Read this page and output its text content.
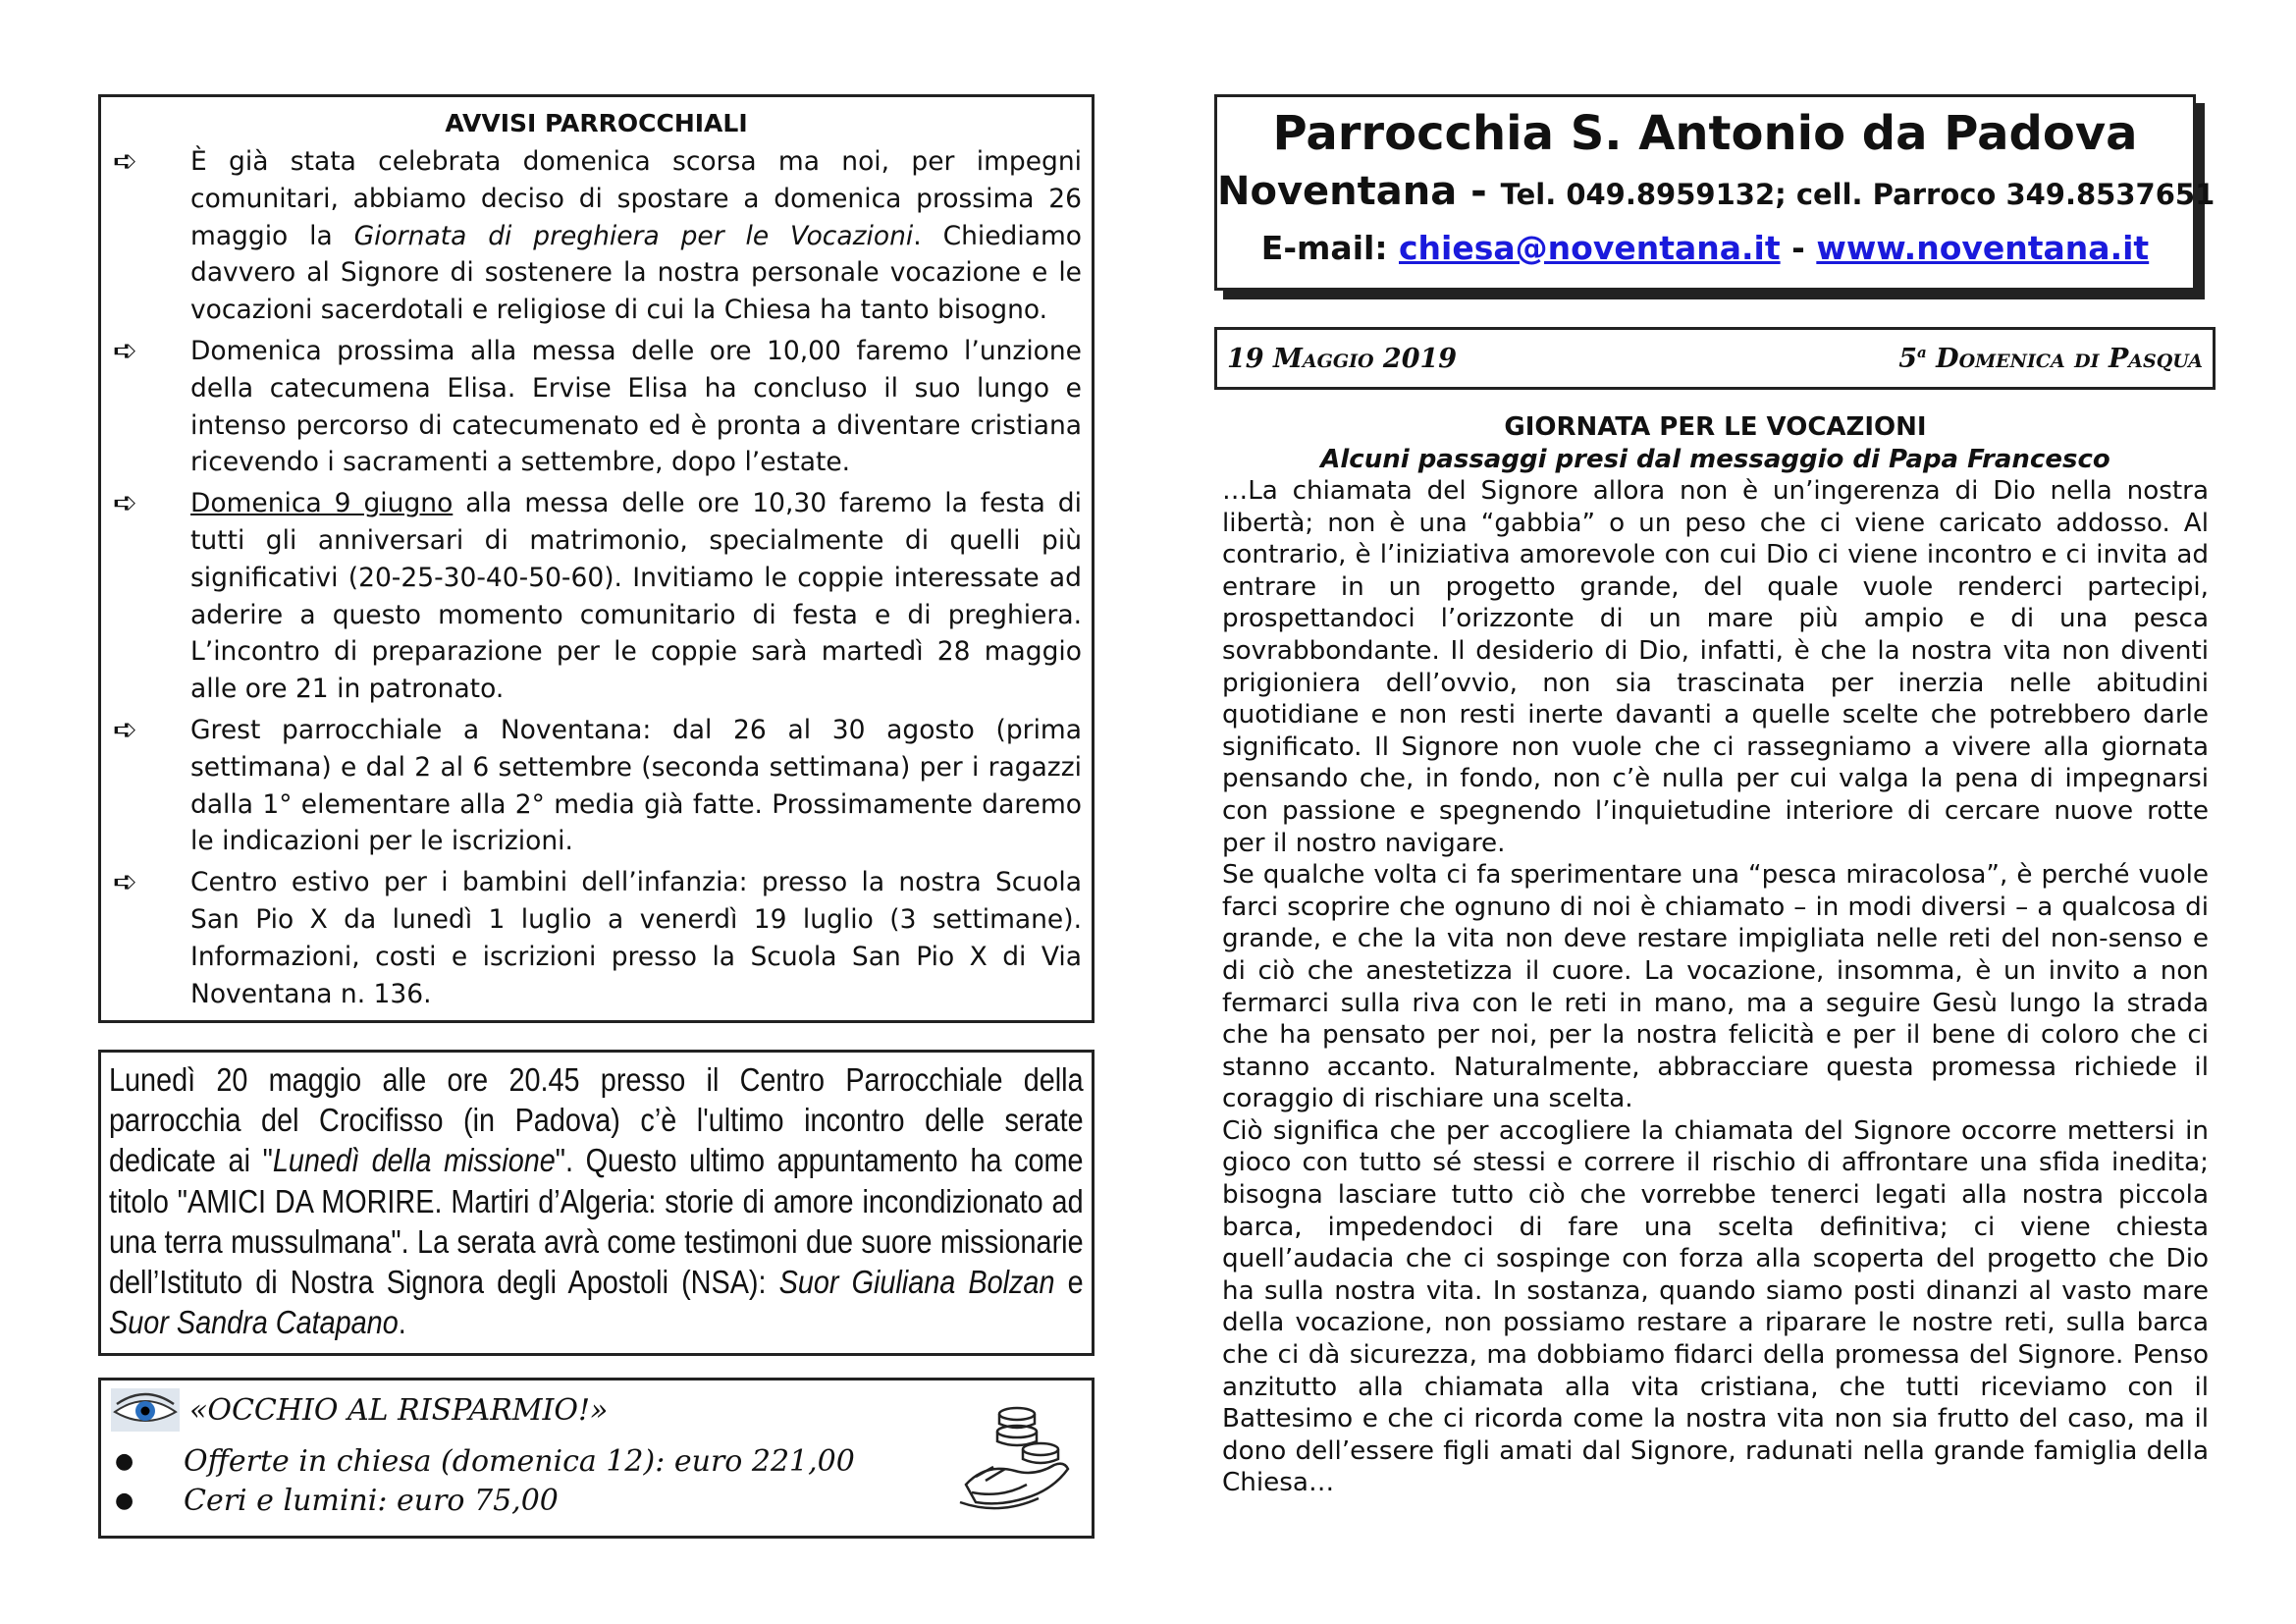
AVVISI PARROCCHIALI
➪	È già stata celebrata domenica scorsa ma noi, per impegni comunitari, abbiamo deciso di spostare a domenica prossima 26 maggio la Giornata di preghiera per le Vocazioni. Chiediamo davvero al Signore di sostenere la nostra personale vocazione e le vocazioni sacerdotali e religiose di cui la Chiesa ha tanto bisogno.
➪	Domenica prossima alla messa delle ore 10,00 faremo l’unzione della catecumena Elisa. Ervise Elisa ha concluso il suo lungo e intenso percorso di catecumenato ed è pronta a diventare cristiana ricevendo i sacramenti a settembre, dopo l’estate.
➪	Domenica 9 giugno alla messa delle ore 10,30 faremo la festa di tutti gli anniversari di matrimonio, specialmente di quelli più significativi (20-25-30-40-50-60). Invitiamo le coppie interessate ad aderire a questo momento comunitario di festa e di preghiera. L’incontro di preparazione per le coppie sarà martedì 28 maggio alle ore 21 in patronato.
➪	Grest parrocchiale a Noventana: dal 26 al 30 agosto (prima settimana) e dal 2 al 6 settembre (seconda settimana) per i ragazzi dalla 1° elementare alla 2° media già fatte. Prossimamente daremo le indicazioni per le iscrizioni.
➪	Centro estivo per i bambini dell’infanzia: presso la nostra Scuola San Pio X da lunedì 1 luglio a venerdì 19 luglio (3 settimane). Informazioni, costi e iscrizioni presso la Scuola San Pio X di Via Noventana n. 136.

Lunedì 20 maggio alle ore 20.45 presso il Centro Parrocchiale della parrocchia del Crocifisso (in Padova) c’è l'ultimo incontro delle serate dedicate ai "Lunedì della missione". Questo ultimo appuntamento ha come titolo "AMICI DA MORIRE. Martiri d’Algeria: storie di amore incondizionato ad una terra mussulmana". La serata avrà come testimoni due suore missionarie dell’Istituto di Nostra Signora degli Apostoli (NSA): Suor Giuliana Bolzan e Suor Sandra Catapano.

«OCCHIO AL RISPARMIO!»
●	Offerte in chiesa (domenica 12): euro 221,00
●	Ceri e lumini: euro 75,00
Parrocchia S. Antonio da Padova
Noventana - Tel. 049.8959132; cell. Parroco 349.8537651
E-mail: chiesa@noventana.it - www.noventana.it
19 Maggio 2019	5$^a$ Domenica di Pasqua
GIORNATA PER LE VOCAZIONI
Alcuni passaggi presi dal messaggio di Papa Francesco

…La chiamata del Signore allora non è un’ingerenza di Dio nella nostra libertà; non è una “gabbia” o un peso che ci viene caricato addosso. Al contrario, è l’iniziativa amorevole con cui Dio ci viene incontro e ci invita ad entrare in un progetto grande, del quale vuole renderci partecipi, prospettandoci l’orizzonte di un mare più ampio e di una pesca sovrabbondante. Il desiderio di Dio, infatti, è che la nostra vita non diventi prigioniera dell’ovvio, non sia trascinata per inerzia nelle abitudini quotidiane e non resti inerte davanti a quelle scelte che potrebbero darle significato. Il Signore non vuole che ci rassegniamo a vivere alla giornata pensando che, in fondo, non c’è nulla per cui valga la pena di impegnarsi con passione e spegnendo l’inquietudine interiore di cercare nuove rotte per il nostro navigare.

Se qualche volta ci fa sperimentare una “pesca miracolosa”, è perché vuole farci scoprire che ognuno di noi è chiamato – in modi diversi – a qualcosa di grande, e che la vita non deve restare impigliata nelle reti del non-senso e di ciò che anestetizza il cuore. La vocazione, insomma, è un invito a non fermarci sulla riva con le reti in mano, ma a seguire Gesù lungo la strada che ha pensato per noi, per la nostra felicità e per il bene di coloro che ci stanno accanto. Naturalmente, abbracciare questa promessa richiede il coraggio di rischiare una scelta.

Ciò significa che per accogliere la chiamata del Signore occorre mettersi in gioco con tutto sé stessi e correre il rischio di affrontare una sfida inedita; bisogna lasciare tutto ciò che vorrebbe tenerci legati alla nostra piccola barca, impedendoci di fare una scelta definitiva; ci viene chiesta quell’audacia che ci sospinge con forza alla scoperta del progetto che Dio ha sulla nostra vita. In sostanza, quando siamo posti dinanzi al vasto mare della vocazione, non possiamo restare a riparare le nostre reti, sulla barca che ci dà sicurezza, ma dobbiamo fidarci della promessa del Signore. Penso anzitutto alla chiamata alla vita cristiana, che tutti riceviamo con il Battesimo e che ci ricorda come la nostra vita non sia frutto del caso, ma il dono dell’essere figli amati dal Signore, radunati nella grande famiglia della Chiesa…
